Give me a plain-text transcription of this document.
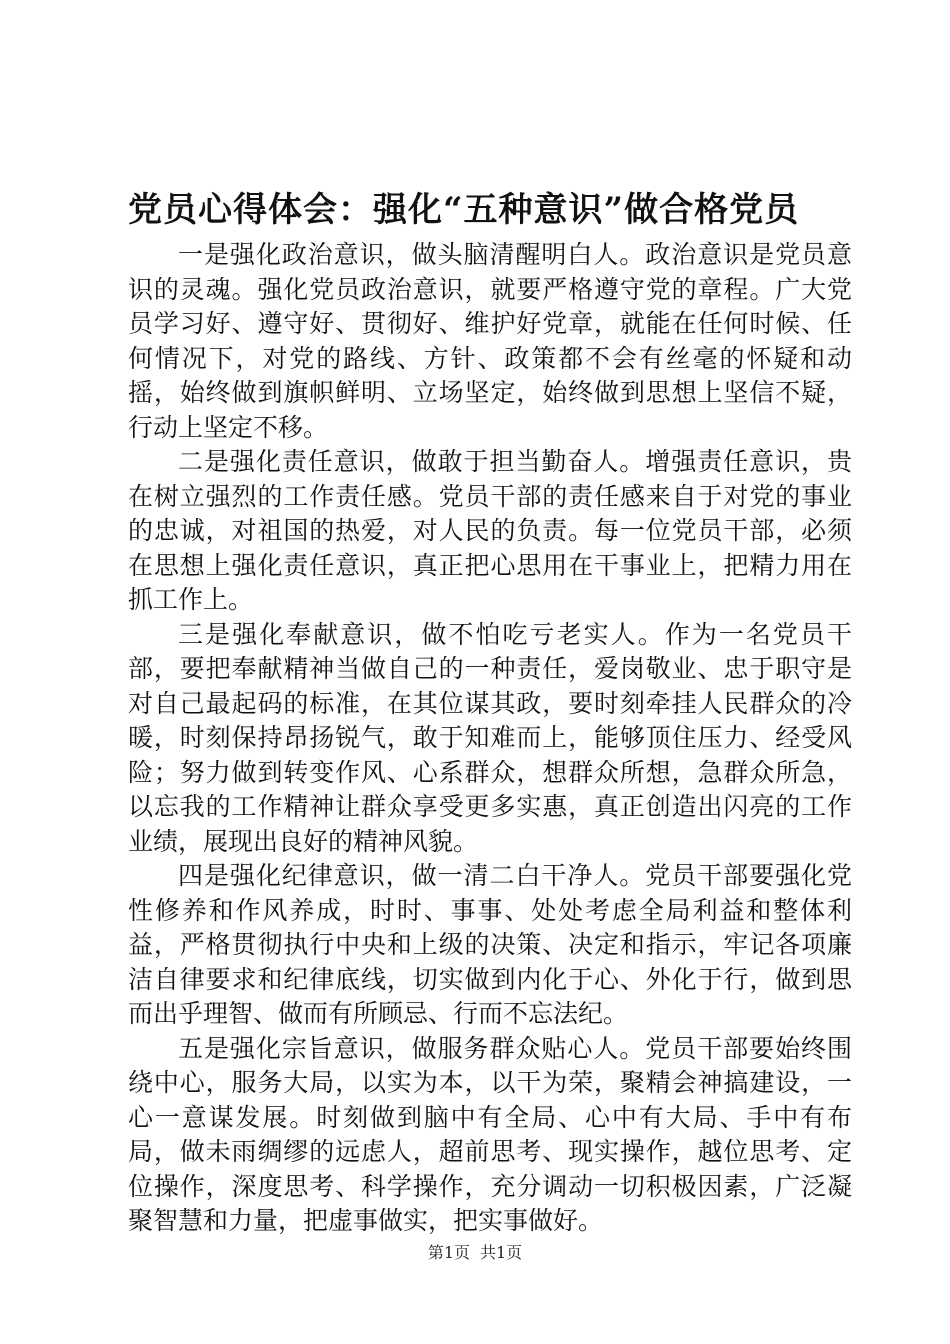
党员心得体会：强化“五种意识”做合格党员

一是强化政治意识，做头脑清醒明白人。政治意识是党员意识的灵魂。强化党员政治意识，就要严格遵守党的章程。广大党员学习好、遵守好、贯彻好、维护好党章，就能在任何时候、任何情况下，对党的路线、方针、政策都不会有丝毫的怀疑和动摇，始终做到旗帜鲜明、立场坚定，始终做到思想上坚信不疑，行动上坚定不移。

二是强化责任意识，做敢于担当勤奋人。增强责任意识，贵在树立强烈的工作责任感。党员干部的责任感来自于对党的事业的忠诚，对祖国的热爱，对人民的负责。每一位党员干部，必须在思想上强化责任意识，真正把心思用在干事业上，把精力用在抓工作上。

三是强化奉献意识，做不怕吃亏老实人。作为一名党员干部，要把奉献精神当做自己的一种责任，爱岗敬业、忠于职守是对自己最起码的标准，在其位谋其政，要时刻牵挂人民群众的冷暖，时刻保持昂扬锐气，敢于知难而上，能够顶住压力、经受风险；努力做到转变作风、心系群众，想群众所想，急群众所急，以忘我的工作精神让群众享受更多实惠，真正创造出闪亮的工作业绩，展现出良好的精神风貌。

四是强化纪律意识，做一清二白干净人。党员干部要强化党性修养和作风养成，时时、事事、处处考虑全局利益和整体利益，严格贯彻执行中央和上级的决策、决定和指示，牢记各项廉洁自律要求和纪律底线，切实做到内化于心、外化于行，做到思而出乎理智、做而有所顾忌、行而不忘法纪。

五是强化宗旨意识，做服务群众贴心人。党员干部要始终围绕中心，服务大局，以实为本，以干为荣，聚精会神搞建设，一心一意谋发展。时刻做到脑中有全局、心中有大局、手中有布局，做未雨绸缪的远虑人，超前思考、现实操作，越位思考、定位操作，深度思考、科学操作，充分调动一切积极因素，广泛凝聚智慧和力量，把虚事做实，把实事做好。

第1页 共1页
